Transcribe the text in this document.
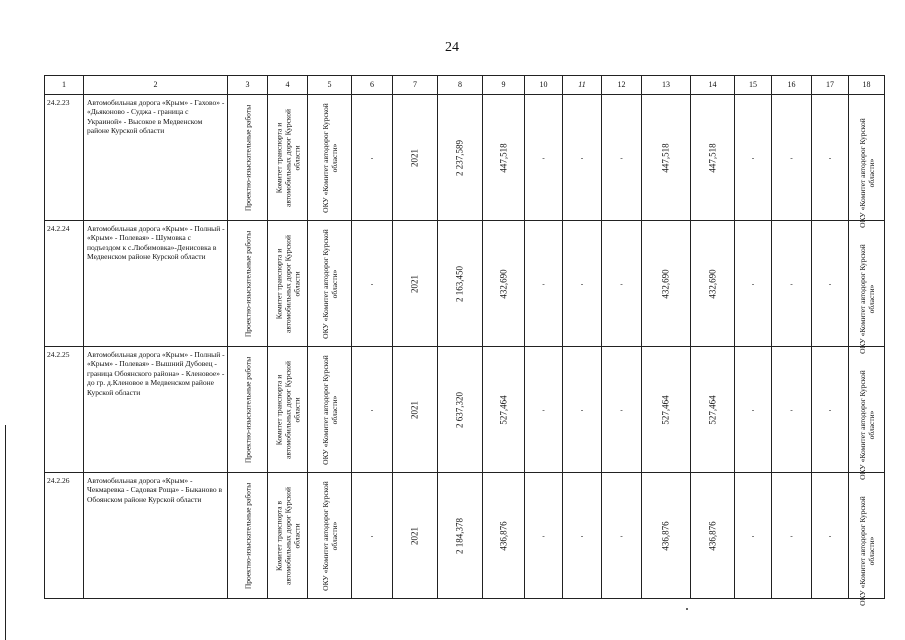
24
1	2	3	4	5	6	7	8	9	10	11	12	13	14	15	16	17	18
24.2.23	Автомобильная дорога «Крым» - Гахово» - «Дьяконово - Суджа - граница с Украиной» - Высокое в Медвенском районе Курской области	Проектно-изыскательные работы	Комитет транспорта и автомобильных дорог Курской области	ОКУ «Комитет автодорог Курской области»	-	2021	2 237,589	447,518	-	-	-	447,518	447,518	-	-	-	ОКУ «Комитет автодорог Курской области»

24.2.24	Автомобильная дорога «Крым» - Полный - «Крым» - Полевая» - Шумовка с подъездом к с.Любимовка»-Денисовка в Медвенском районе Курской области	Проектно-изыскательные работы	Комитет транспорта и автомобильных дорог Курской области	ОКУ «Комитет автодорог Курской области»	-	2021	2 163,450	432,690	-	-	-	432,690	432,690	-	-	-	ОКУ «Комитет автодорог Курской области»

24.2.25	Автомобильная дорога «Крым» - Полный - «Крым» - Полевая» - Вышний Дубовец - граница Обоянского района» - Кленовое» - до гр. д.Кленовое в Медвенском районе Курской области	Проектно-изыскательные работы	Комитет транспорта и автомобильных дорог Курской области	ОКУ «Комитет автодорог Курской области»	-	2021	2 637,320	527,464	-	-	-	527,464	527,464	-	-	-	ОКУ «Комитет автодорог Курской области»

24.2.26	Автомобильная дорога «Крым» - Чекмаревка - Садовая Роща» - Быканово в Обоянском районе Курской области	Проектно-изыскательные работы	Комитет транспорта в автомобильных дорог Курской области	ОКУ «Комитет автодорог Курской области»	-	2021	2 184,378	436,876	-	-	-	436,876	436,876	-	-	-	ОКУ «Комитет автодорог Курской области»
